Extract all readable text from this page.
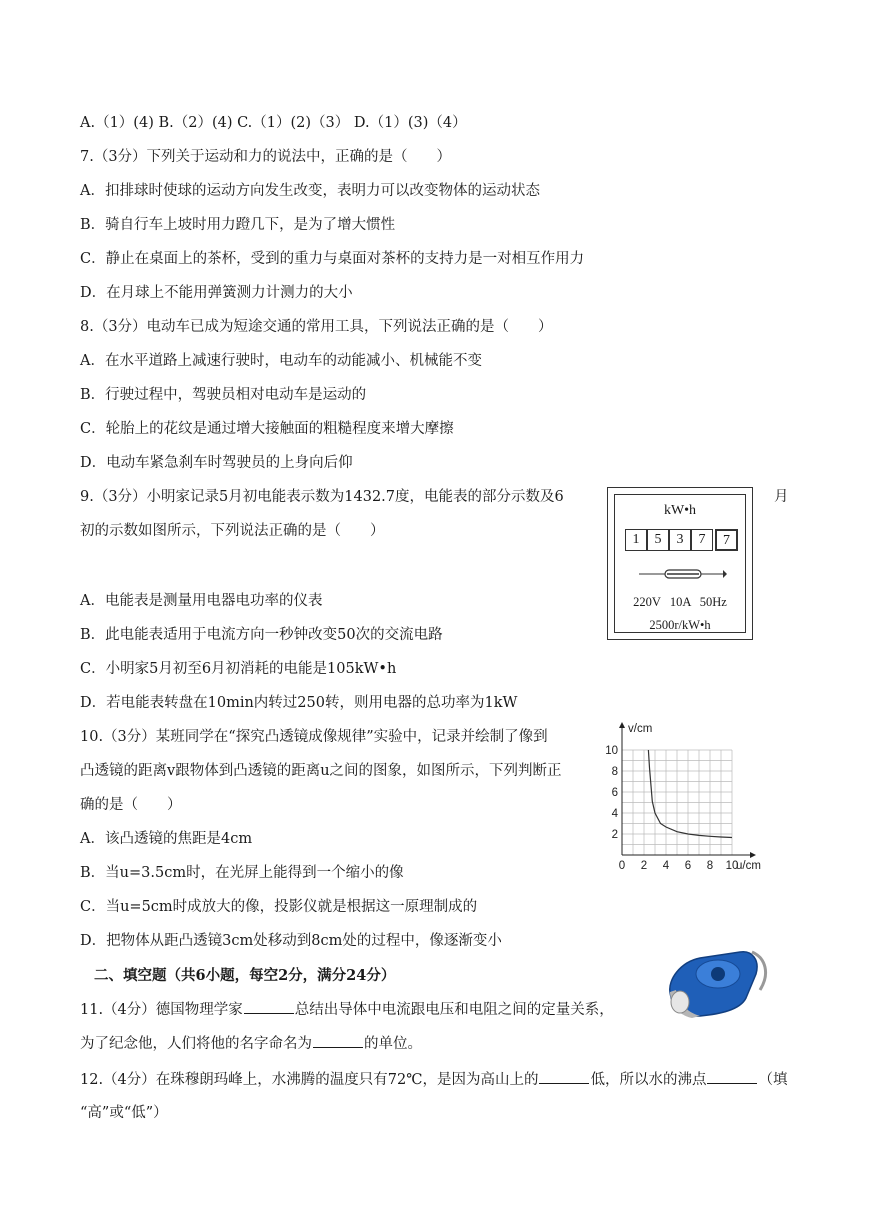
A.（1）(4) B.（2）(4) C.（1）(2)（3） D.（1）(3)（4）
7.（3分）下列关于运动和力的说法中，正确的是（　　）
A．扣排球时使球的运动方向发生改变，表明力可以改变物体的运动状态
B．骑自行车上坡时用力蹬几下，是为了增大惯性
C．静止在桌面上的茶杯，受到的重力与桌面对茶杯的支持力是一对相互作用力
D．在月球上不能用弹簧测力计测力的大小
8.（3分）电动车已成为短途交通的常用工具，下列说法正确的是（　　）
A．在水平道路上减速行驶时，电动车的动能减小、机械能不变
B．行驶过程中，驾驶员相对电动车是运动的
C．轮胎上的花纹是通过增大接触面的粗糙程度来增大摩擦
D．电动车紧急刹车时驾驶员的上身向后仰
9.（3分）小明家记录5月初电能表示数为1432.7度，电能表的部分示数及6	月
初的示数如图所示，下列说法正确的是（　　）
A．电能表是测量用电器电功率的仪表
B．此电能表适用于电流方向一秒钟改变50次的交流电路
C．小明家5月初至6月初消耗的电能是105kW•h
D．若电能表转盘在10min内转过250转，则用电器的总功率为1kW
kW•h
1	5	3	7	7
220V 10A 50Hz
2500r/kW•h
10.（3分）某班同学在“探究凸透镜成像规律”实验中，记录并绘制了像到
凸透镜的距离v跟物体到凸透镜的距离u之间的图象，如图所示，下列判断正
确的是（　　）
A．该凸透镜的焦距是4cm
B．当u=3.5cm时，在光屏上能得到一个缩小的像
C．当u=5cm时成放大的像，投影仪就是根据这一原理制成的
D．把物体从距凸透镜3cm处移动到8cm处的过程中，像逐渐变小
0 2 4 6 8 10
2
4
6
8
10
u/cm
v/cm
二、填空题（共6小题，每空2分，满分24分）
11.（4分）德国物理学家	总结出导体中电流跟电压和电阻之间的定量关系，
为了纪念他，人们将他的名字命名为	的单位。
12.（4分）在珠穆朗玛峰上，水沸腾的温度只有72℃，是因为高山上的	低，所以水的沸点	（填
“高”或“低”）
